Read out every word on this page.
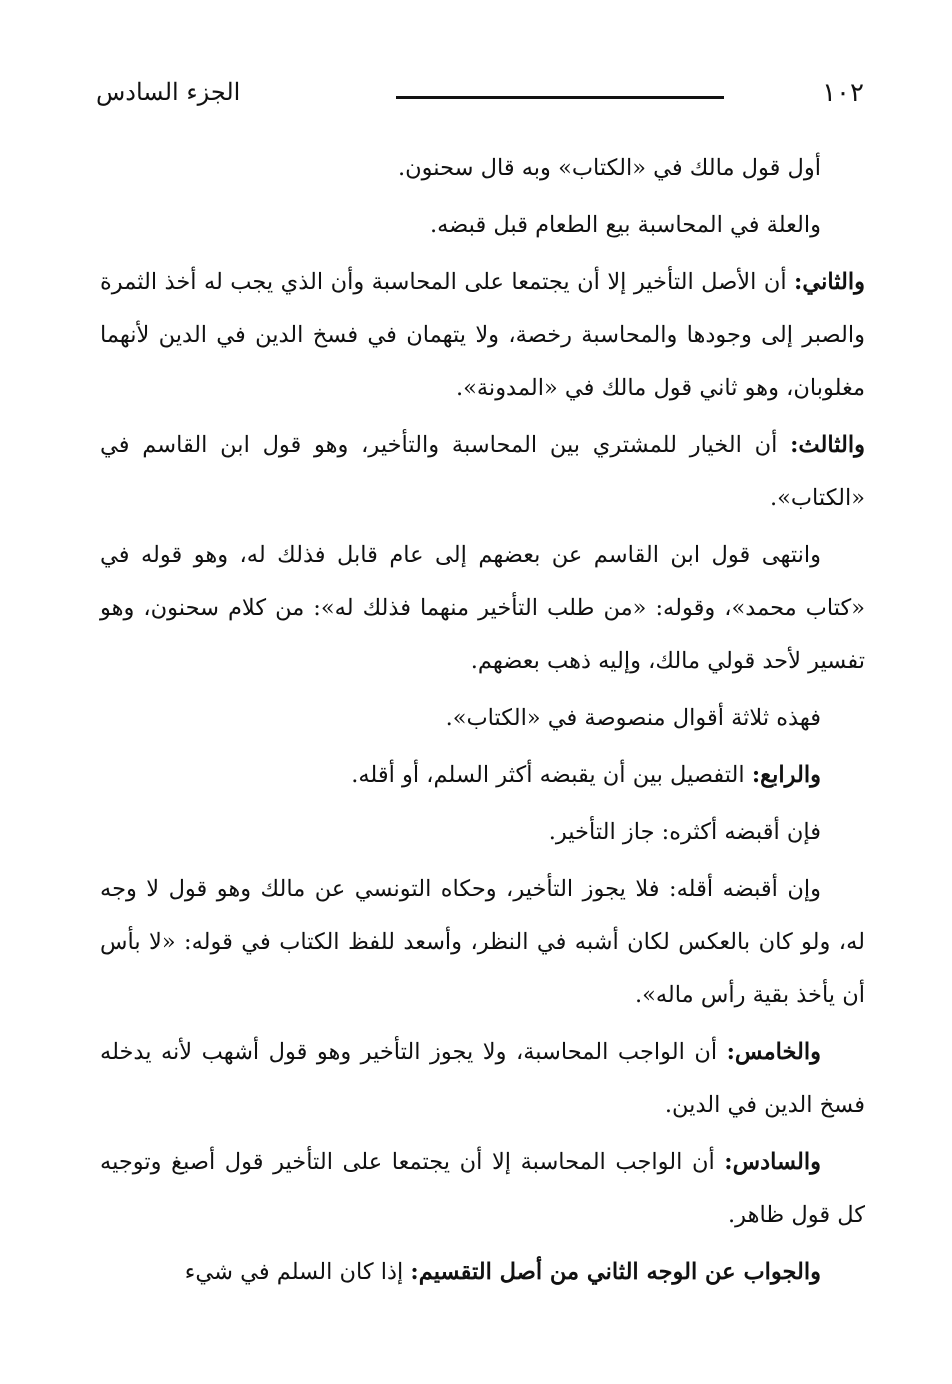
١٠٢
الجزء السادس

أول قول مالك في «الكتاب» وبه قال سحنون.

والعلة في المحاسبة بيع الطعام قبل قبضه.

والثاني: أن الأصل التأخير إلا أن يجتمعا على المحاسبة وأن الذي يجب له أخذ الثمرة والصبر إلى وجودها والمحاسبة رخصة، ولا يتهمان في فسخ الدين في الدين لأنهما مغلوبان، وهو ثاني قول مالك في «المدونة».

والثالث: أن الخيار للمشتري بين المحاسبة والتأخير، وهو قول ابن القاسم في «الكتاب».

وانتهى قول ابن القاسم عن بعضهم إلى عام قابل فذلك له، وهو قوله في «كتاب محمد»، وقوله: «من طلب التأخير منهما فذلك له»: من كلام سحنون، وهو تفسير لأحد قولي مالك، وإليه ذهب بعضهم.

فهذه ثلاثة أقوال منصوصة في «الكتاب».

والرابع: التفصيل بين أن يقبضه أكثر السلم، أو أقله.

فإن أقبضه أكثره: جاز التأخير.

وإن أقبضه أقله: فلا يجوز التأخير، وحكاه التونسي عن مالك وهو قول لا وجه له، ولو كان بالعكس لكان أشبه في النظر، وأسعد للفظ الكتاب في قوله: «لا بأس أن يأخذ بقية رأس ماله».

والخامس: أن الواجب المحاسبة، ولا يجوز التأخير وهو قول أشهب لأنه يدخله فسخ الدين في الدين.

والسادس: أن الواجب المحاسبة إلا أن يجتمعا على التأخير قول أصبغ وتوجيه كل قول ظاهر.

والجواب عن الوجه الثاني من أصل التقسيم: إذا كان السلم في شيء
